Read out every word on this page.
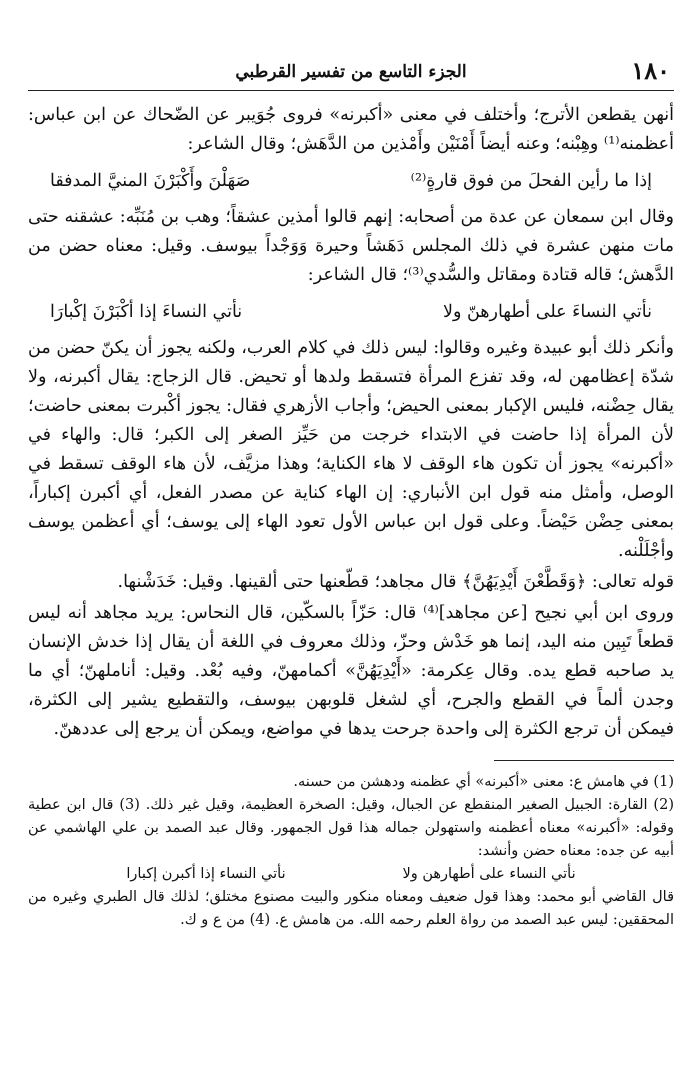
١٨٠
الجزء التاسع من تفسير القرطبي

أنهن يقطعن الأترج؛ وأختلف في معنى «أكبرنه» فروى جُوَيبر عن الضّحاك عن ابن عباس: أعظمنه⁽¹⁾ وهِبْنه؛ وعنه أيضاً أَمْنَيْن وأَمْذين من الدَّهَش؛ وقال الشاعر:

إذا ما رأين الفحلَ من فوق قارةٍ⁽²⁾
صَهَلْنَ وأَكْبَرْنَ المنيَّ المدفقا

وقال ابن سمعان عن عدة من أصحابه: إنهم قالوا أمذين عشقاً؛ وهب بن مُنَبِّه: عشقنه حتى مات منهن عشرة في ذلك المجلس دَهَشاً وحيرة وَوَجْداً بيوسف. وقيل: معناه حضن من الدَّهش؛ قاله قتادة ومقاتل والسُّدي⁽³⁾؛ قال الشاعر:

نأتي النساءَ على أطهارهنّ ولا
نأتي النساءَ إذا أكْبَرْنَ إكْبارَا

وأنكر ذلك أبو عبيدة وغيره وقالوا: ليس ذلك في كلام العرب، ولكنه يجوز أن يكنّ حضن من شدّة إعظامهن له، وقد تفزع المرأة فتسقط ولدها أو تحيض. قال الزجاج: يقال أكبرنه، ولا يقال حِضْنه، فليس الإكبار بمعنى الحيض؛ وأجاب الأزهري فقال: يجوز أكْبرت بمعنى حاضت؛ لأن المرأة إذا حاضت في الابتداء خرجت من حَيِّز الصغر إلى الكبر؛ قال: والهاء في «أكبرنه» يجوز أن تكون هاء الوقف لا هاء الكناية؛ وهذا مزيَّف، لأن هاء الوقف تسقط في الوصل، وأمثل منه قول ابن الأنباري: إن الهاء كناية عن مصدر الفعل، أي أكبرن إكباراً، بمعنى حِضْن حَيْضاً. وعلى قول ابن عباس الأول تعود الهاء إلى يوسف؛ أي أعظمن يوسف وأجْلَلْنه.

قوله تعالى: ﴿وَقَطَّعْنَ أَيْدِيَهُنَّ﴾ قال مجاهد؛ قطّعنها حتى ألقينها. وقيل: خَدَشْنها.

وروى ابن أبي نجيح [عن مجاهد]⁽⁴⁾ قال: حَزّاً بالسكّين، قال النحاس: يريد مجاهد أنه ليس قطعاً تَبِين منه اليد، إنما هو خَدْش وحزّ، وذلك معروف في اللغة أن يقال إذا خدش الإنسان يد صاحبه قطع يده. وقال عِكرمة: «أَيْدِيَهُنَّ» أكمامهنّ، وفيه بُعْد. وقيل: أناملهنّ؛ أي ما وجدن ألماً في القطع والجرح، أي لشغل قلوبهن بيوسف، والتقطيع يشير إلى الكثرة، فيمكن أن ترجع الكثرة إلى واحدة جرحت يدها في مواضع، ويمكن أن يرجع إلى عددهنّ.

(1) في هامش ع: معنى «أكبرنه» أي عظمنه ودهشن من حسنه.
(2) القارة: الجبيل الصغير المنقطع عن الجبال، وقيل: الصخرة العظيمة، وقيل غير ذلك. (3) قال ابن عطية وقوله: «أكبرنه» معناه أعظمنه واستهولن جماله هذا قول الجمهور. وقال عبد الصمد بن علي الهاشمي عن أبيه عن جده: معناه حضن وأنشد:
نأتي النساء على أطهارهن ولا
نأتي النساء إذا أكبرن إكبارا
قال القاضي أبو محمد: وهذا قول ضعيف ومعناه منكور والبيت مصنوع مختلق؛ لذلك قال الطبري وغيره من المحققين: ليس عبد الصمد من رواة العلم رحمه الله. من هامش ع. (4) من ع و ك.
